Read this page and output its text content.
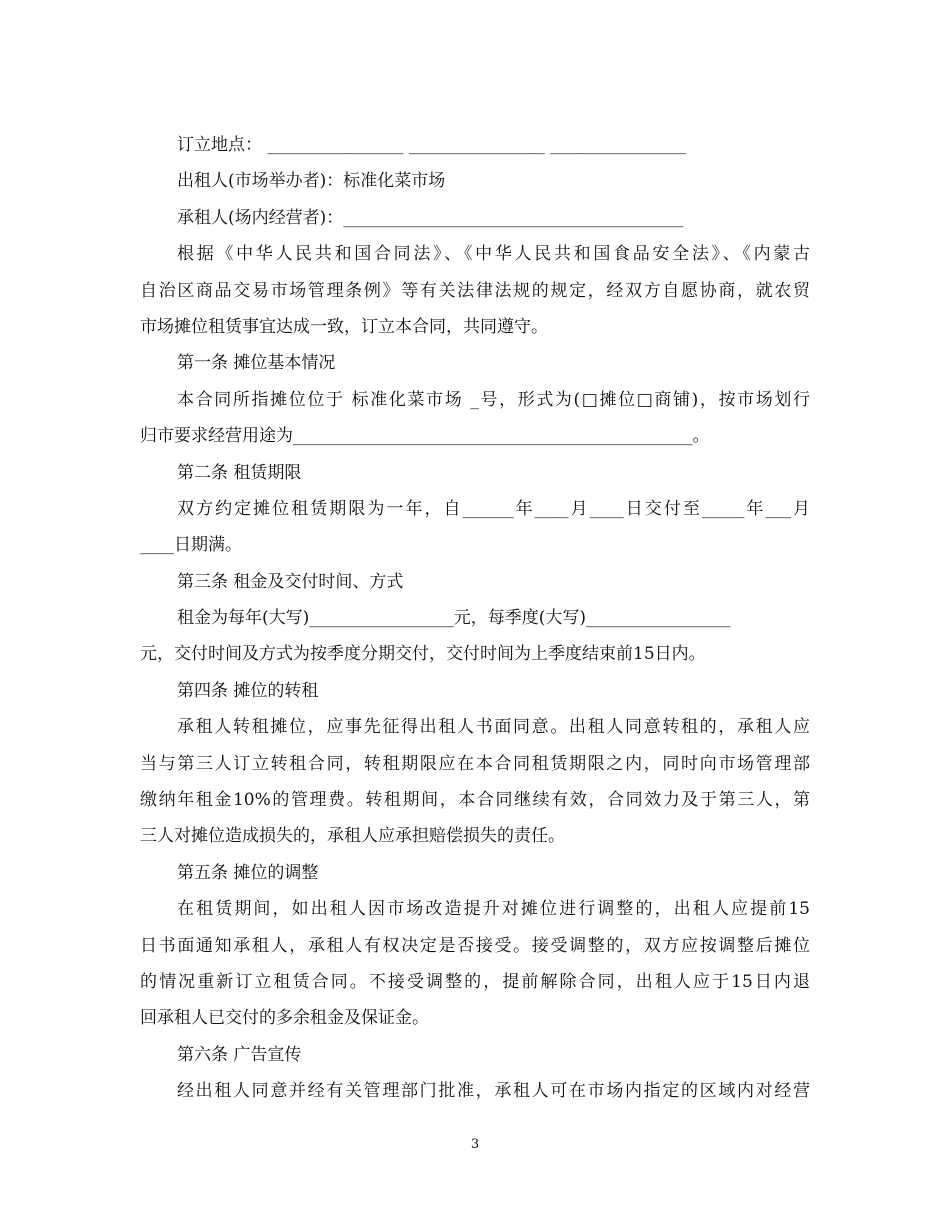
订立地点： ________________ ________________ ________________
出租人(市场举办者)：标准化菜市场
承租人(场内经营者)：________________________________________
根据《中华人民共和国合同法》、《中华人民共和国食品安全法》、《内蒙古
自治区商品交易市场管理条例》等有关法律法规的规定，经双方自愿协商，就农贸
市场摊位租赁事宜达成一致，订立本合同，共同遵守。
第一条 摊位基本情况
本合同所指摊位位于 标准化菜市场 _号，形式为(□摊位□商铺)，按市场划行
归市要求经营用途为_______________________________________________。
第二条 租赁期限
双方约定摊位租赁期限为一年，自______年____月____日交付至_____年___月
____日期满。
第三条 租金及交付时间、方式
租金为每年(大写)_________________元，每季度(大写)_________________
元，交付时间及方式为按季度分期交付，交付时间为上季度结束前15日内。
第四条 摊位的转租
承租人转租摊位，应事先征得出租人书面同意。出租人同意转租的，承租人应
当与第三人订立转租合同，转租期限应在本合同租赁期限之内，同时向市场管理部
缴纳年租金10%的管理费。转租期间，本合同继续有效，合同效力及于第三人，第
三人对摊位造成损失的，承租人应承担赔偿损失的责任。
第五条 摊位的调整
在租赁期间，如出租人因市场改造提升对摊位进行调整的，出租人应提前15
日书面通知承租人，承租人有权决定是否接受。接受调整的，双方应按调整后摊位
的情况重新订立租赁合同。不接受调整的，提前解除合同，出租人应于15日内退
回承租人已交付的多余租金及保证金。
第六条 广告宣传
经出租人同意并经有关管理部门批准，承租人可在市场内指定的区域内对经营
3
